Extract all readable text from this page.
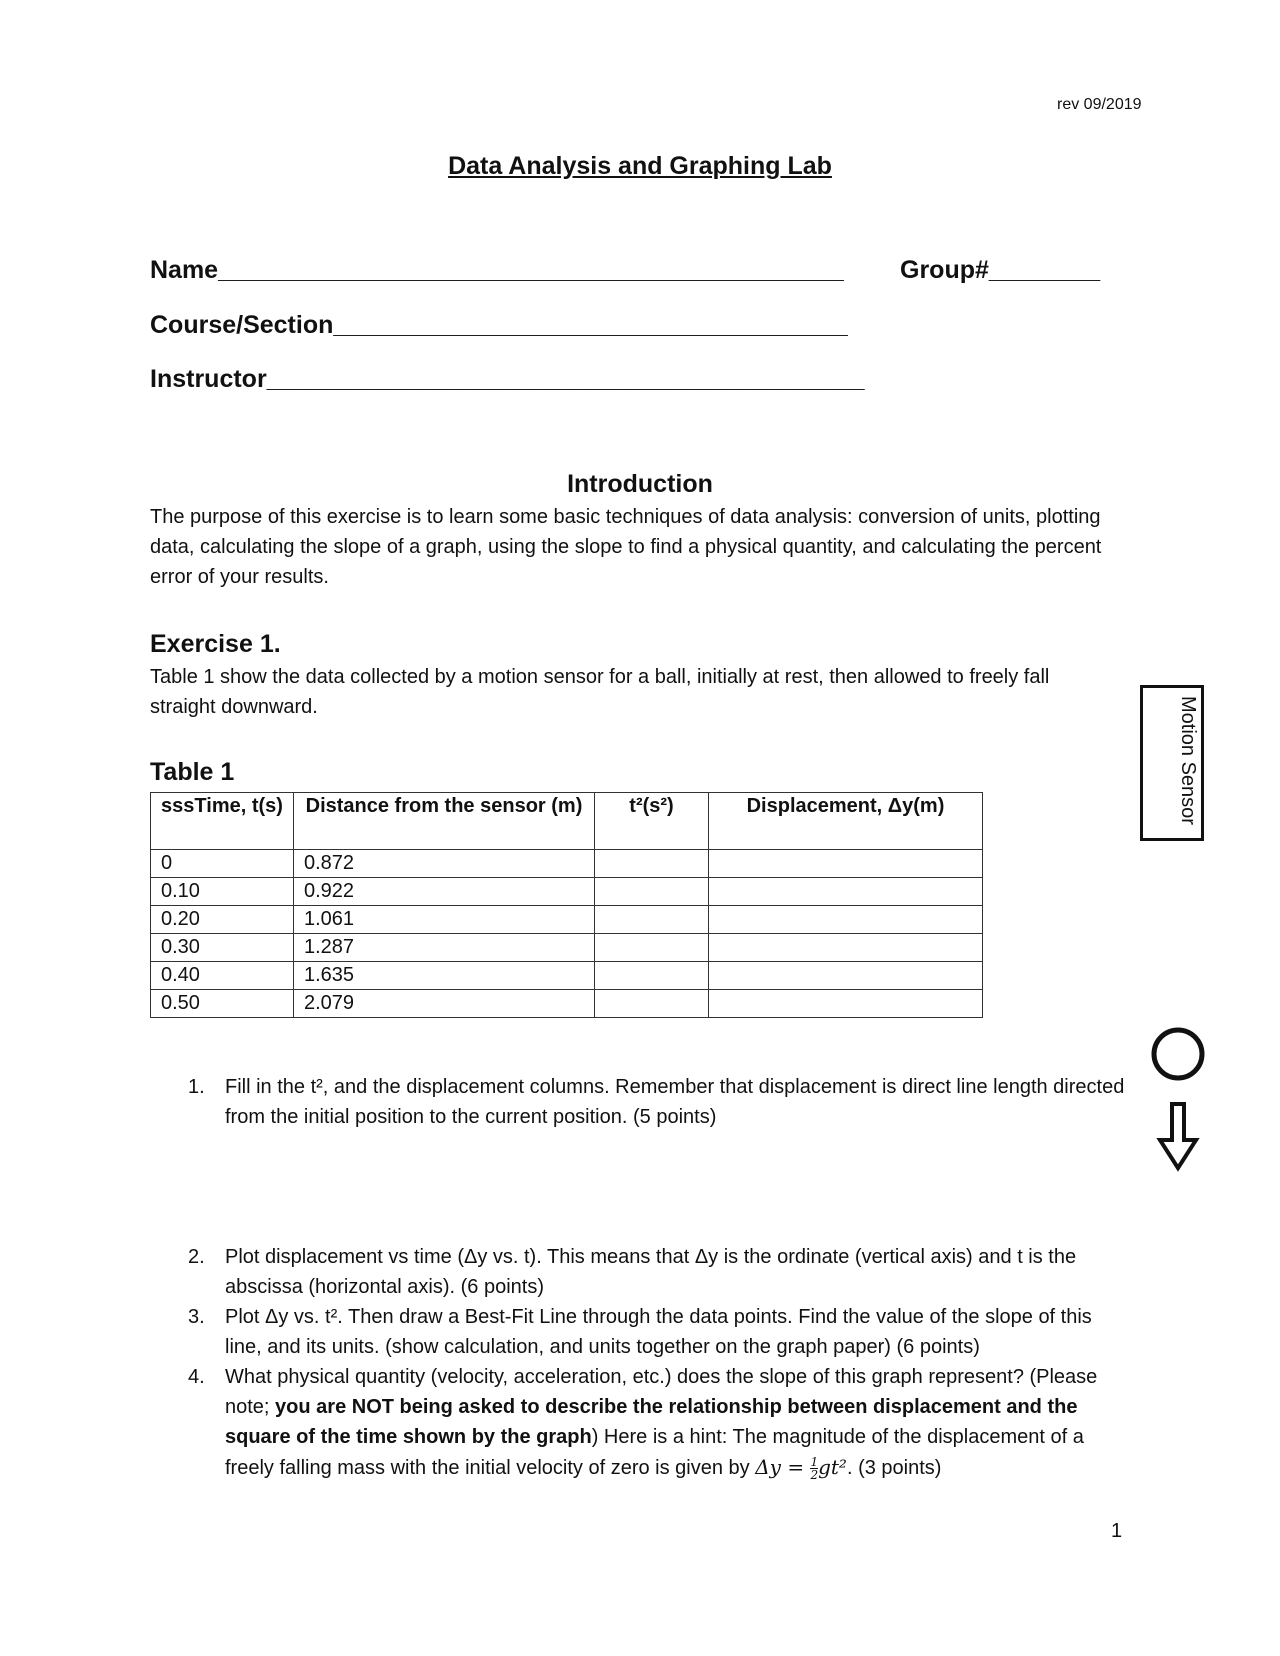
rev 09/2019
Data Analysis and Graphing Lab
Name_____________________________________________ Group#________
Course/Section_____________________________________
Instructor___________________________________________
Introduction
The purpose of this exercise is to learn some basic techniques of data analysis: conversion of units, plotting data, calculating the slope of a graph, using the slope to find a physical quantity, and calculating the percent error of your results.
Exercise 1.
Table 1 show the data collected by a motion sensor for a ball, initially at rest, then allowed to freely fall straight downward.
Table 1
sssTime, t(s)	Distance from the sensor (m)	t²(s²)	Displacement, Δy(m)
0	0.872		
0.10	0.922		
0.20	1.061		
0.30	1.287		
0.40	1.635		
0.50	2.079		
1. Fill in the t², and the displacement columns. Remember that displacement is direct line length directed from the initial position to the current position. (5 points)
2. Plot displacement vs time (Δy vs. t). This means that Δy is the ordinate (vertical axis) and t is the abscissa (horizontal axis). (6 points)
3. Plot Δy vs. t². Then draw a Best-Fit Line through the data points. Find the value of the slope of this line, and its units. (show calculation, and units together on the graph paper) (6 points)
4. What physical quantity (velocity, acceleration, etc.) does the slope of this graph represent? (Please note; you are NOT being asked to describe the relationship between displacement and the square of the time shown by the graph) Here is a hint: The magnitude of the displacement of a freely falling mass with the initial velocity of zero is given by $\Delta y = \frac{1}{2} gt^2$. (3 points)
Motion Sensor
1
